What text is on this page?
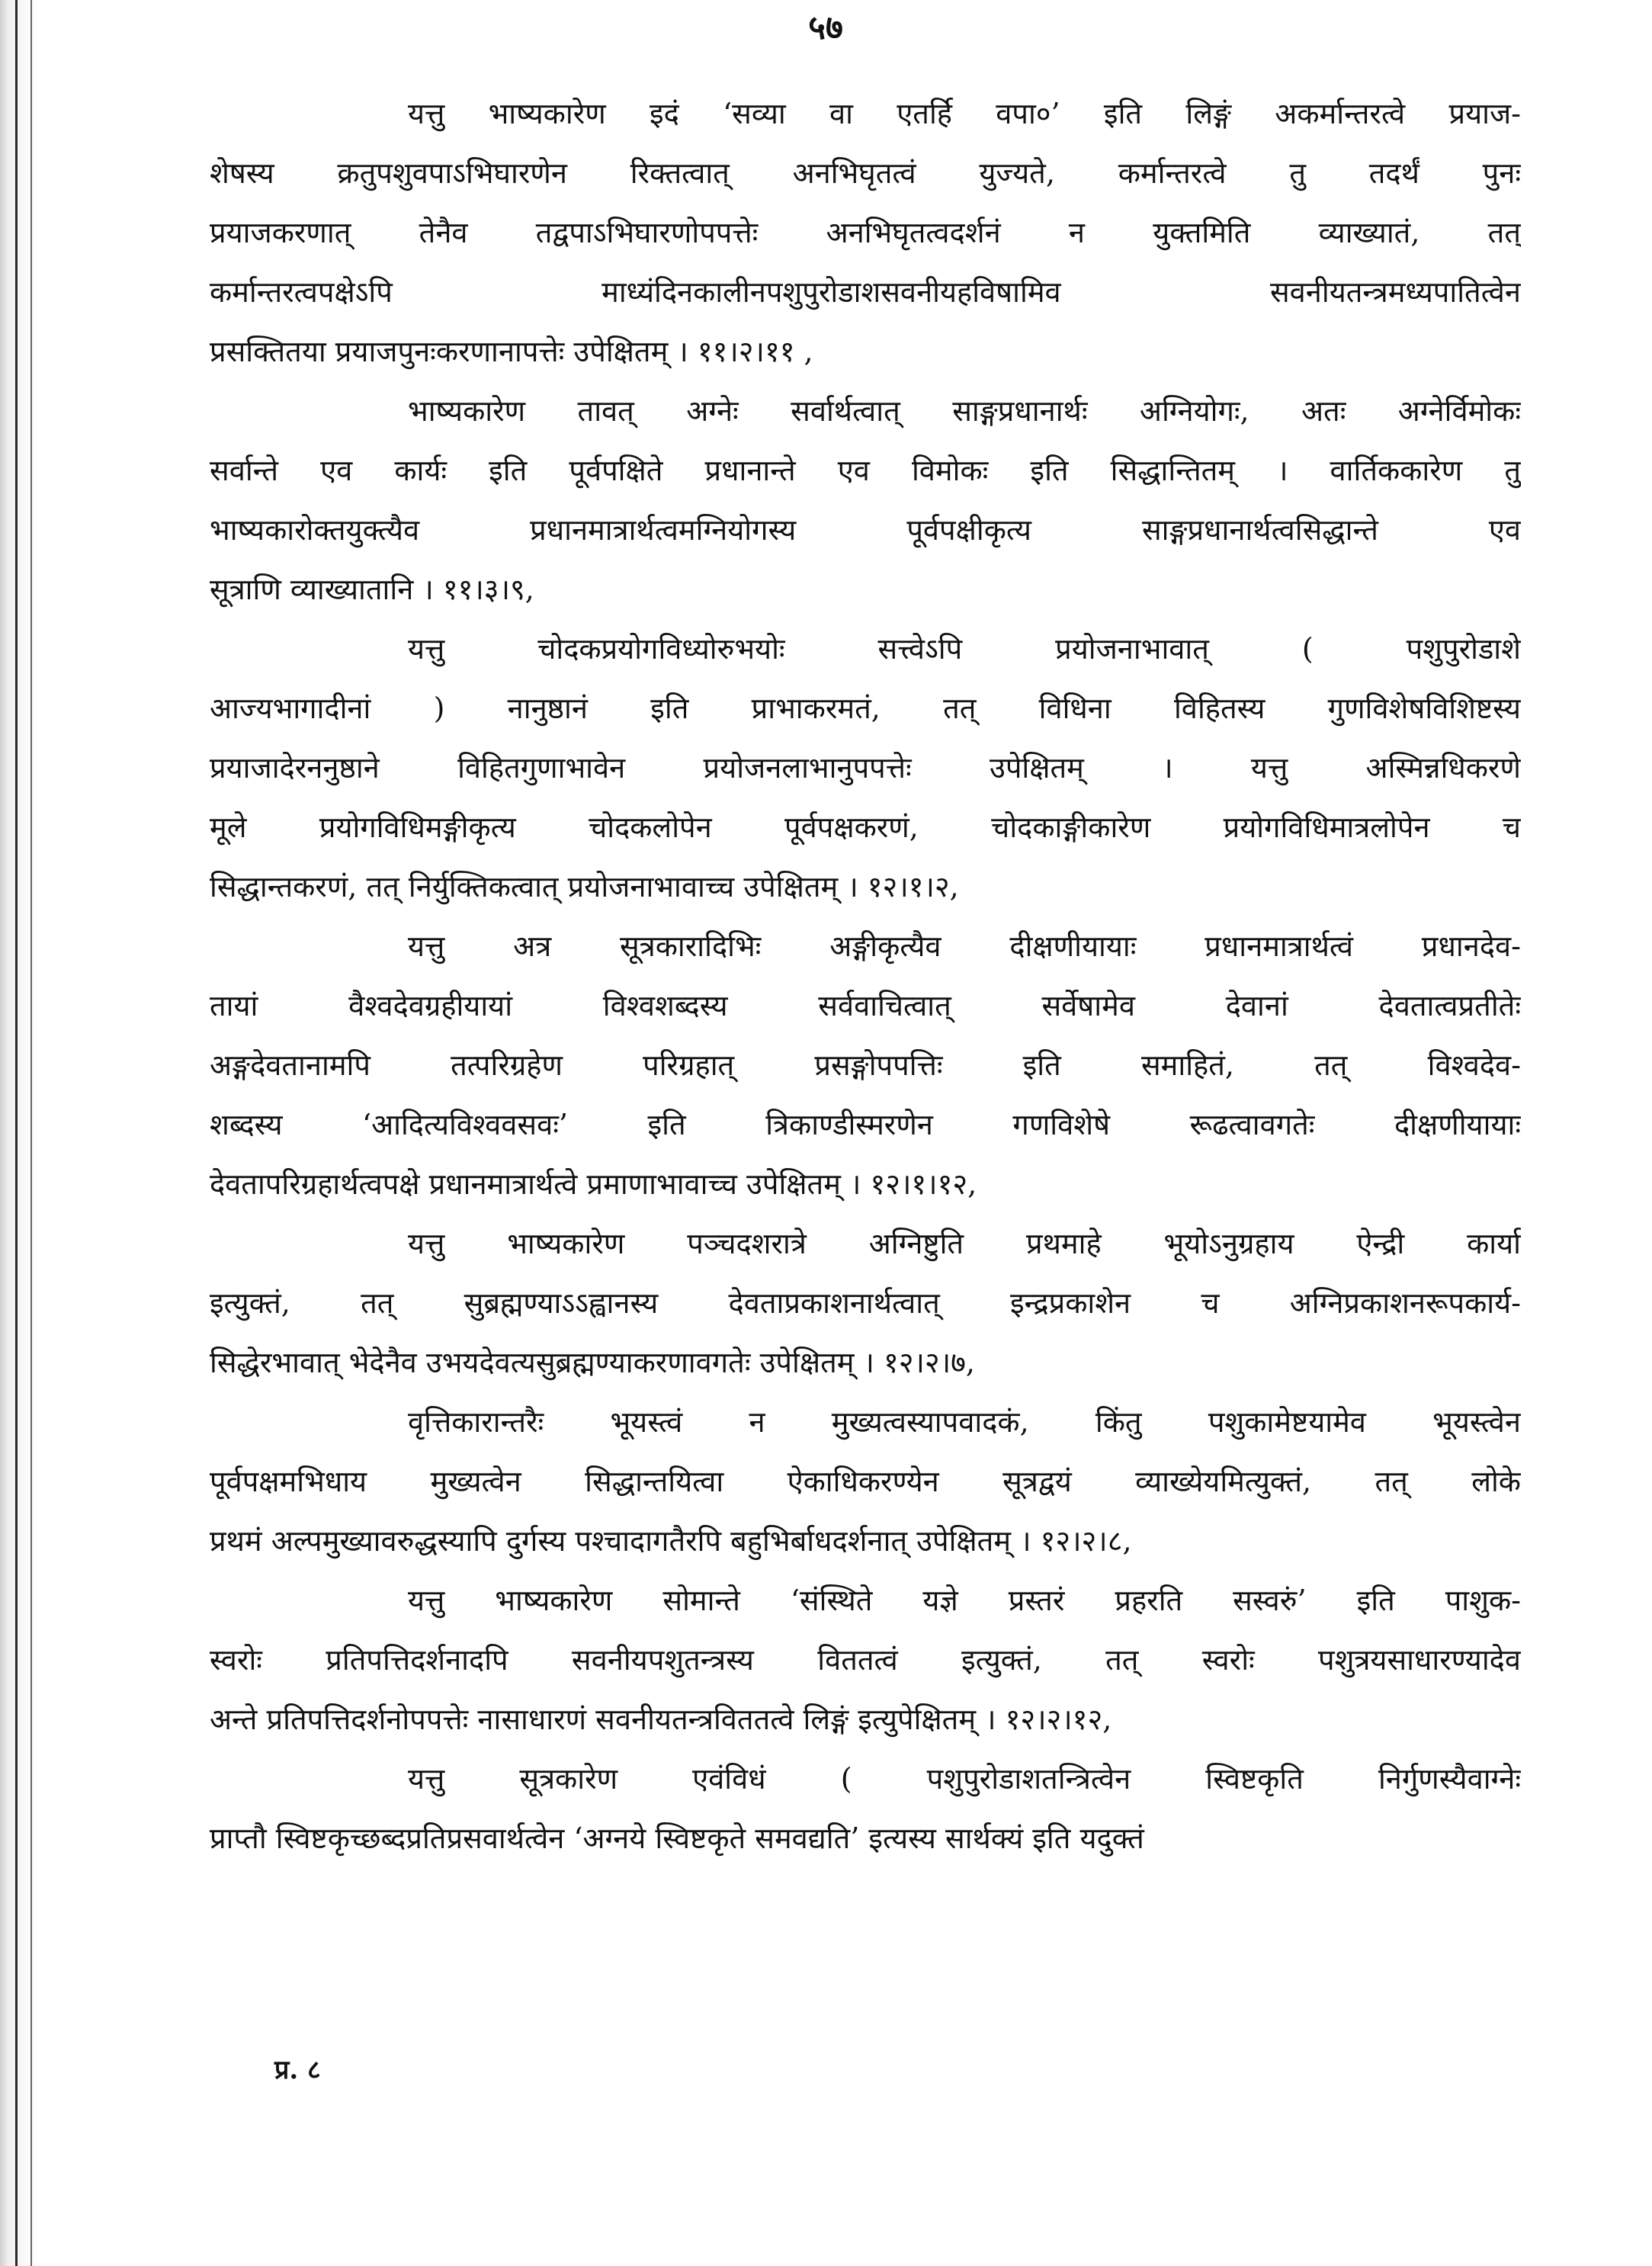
५७
यत्तु भाष्यकारेण इदं ‘सव्या वा एतर्हि वपा०’ इति लिङ्गं अकर्मान्तरत्वे प्रयाज-
शेषस्य क्रतुपशुवपाऽभिघारणेन रिक्तत्वात् अनभिघृतत्वं युज्यते, कर्मान्तरत्वे तु तदर्थं पुनः
प्रयाजकरणात् तेनैव तद्वपाऽभिघारणोपपत्तेः अनभिघृतत्वदर्शनं न युक्तमिति व्याख्यातं, तत्
कर्मान्तरत्वपक्षेऽपि माध्यंदिनकालीनपशुपुरोडाशसवनीयहविषामिव सवनीयतन्त्रमध्यपातित्वेन
प्रसक्तितया प्रयाजपुनःकरणानापत्तेः उपेक्षितम् । ११।२।११ ,
भाष्यकारेण तावत् अग्नेः सर्वार्थत्वात् साङ्गप्रधानार्थः अग्नियोगः, अतः अग्नेर्विमोकः
सर्वान्ते एव कार्यः इति पूर्वपक्षिते प्रधानान्ते एव विमोकः इति सिद्धान्तितम् । वार्तिककारेण तु
भाष्यकारोक्तयुक्त्यैव प्रधानमात्रार्थत्वमग्नियोगस्य पूर्वपक्षीकृत्य साङ्गप्रधानार्थत्वसिद्धान्ते एव
सूत्राणि व्याख्यातानि । ११।३।९,
यत्तु चोदकप्रयोगविध्योरुभयोः सत्त्वेऽपि प्रयोजनाभावात् ( पशुपुरोडाशे
आज्यभागादीनां ) नानुष्ठानं इति प्राभाकरमतं, तत् विधिना विहितस्य गुणविशेषविशिष्टस्य
प्रयाजादेरननुष्ठाने विहितगुणाभावेन प्रयोजनलाभानुपपत्तेः उपेक्षितम् । यत्तु अस्मिन्नधिकरणे
मूले प्रयोगविधिमङ्गीकृत्य चोदकलोपेन पूर्वपक्षकरणं, चोदकाङ्गीकारेण प्रयोगविधिमात्रलोपेन च
सिद्धान्तकरणं, तत् निर्युक्तिकत्वात् प्रयोजनाभावाच्च उपेक्षितम् । १२।१।२,
यत्तु अत्र सूत्रकारादिभिः अङ्गीकृत्यैव दीक्षणीयायाः प्रधानमात्रार्थत्वं प्रधानदेव-
तायां वैश्वदेवग्रहीयायां विश्वशब्दस्य सर्ववाचित्वात् सर्वेषामेव देवानां देवतात्वप्रतीतेः
अङ्गदेवतानामपि तत्परिग्रहेण परिग्रहात् प्रसङ्गोपपत्तिः इति समाहितं, तत् विश्वदेव-
शब्दस्य ‘आदित्यविश्ववसवः’ इति त्रिकाण्डीस्मरणेन गणविशेषे रूढत्वावगतेः दीक्षणीयायाः
देवतापरिग्रहार्थत्वपक्षे प्रधानमात्रार्थत्वे प्रमाणाभावाच्च उपेक्षितम् । १२।१।१२,
यत्तु भाष्यकारेण पञ्चदशरात्रे अग्निष्टुति प्रथमाहे भूयोऽनुग्रहाय ऐन्द्री कार्या
इत्युक्तं, तत् सुब्रह्मण्याऽऽह्वानस्य देवताप्रकाशनार्थत्वात् इन्द्रप्रकाशेन च अग्निप्रकाशनरूपकार्य-
सिद्धेरभावात् भेदेनैव उभयदेवत्यसुब्रह्मण्याकरणावगतेः उपेक्षितम् । १२।२।७,
वृत्तिकारान्तरैः भूयस्त्वं न मुख्यत्वस्यापवादकं, किंतु पशुकामेष्टयामेव भूयस्त्वेन
पूर्वपक्षमभिधाय मुख्यत्वेन सिद्धान्तयित्वा ऐकाधिकरण्येन सूत्रद्वयं व्याख्येयमित्युक्तं, तत् लोके
प्रथमं अल्पमुख्यावरुद्धस्यापि दुर्गस्य पश्चादागतैरपि बहुभिर्बाधदर्शनात् उपेक्षितम् । १२।२।८,
यत्तु भाष्यकारेण सोमान्ते ‘संस्थिते यज्ञे प्रस्तरं प्रहरति सस्वरुं’ इति पाशुक-
स्वरोः प्रतिपत्तिदर्शनादपि सवनीयपशुतन्त्रस्य विततत्वं इत्युक्तं, तत् स्वरोः पशुत्रयसाधारण्यादेव
अन्ते प्रतिपत्तिदर्शनोपपत्तेः नासाधारणं सवनीयतन्त्रविततत्वे लिङ्गं इत्युपेक्षितम् । १२।२।१२,
यत्तु सूत्रकारेण एवंविधं ( पशुपुरोडाशतन्त्रित्वेन स्विष्टकृति निर्गुणस्यैवाग्नेः
प्राप्तौ स्विष्टकृच्छब्दप्रतिप्रसवार्थत्वेन ‘अग्नये स्विष्टकृते समवद्यति’ इत्यस्य सार्थक्यं इति यदुक्तं
प्र. ८
